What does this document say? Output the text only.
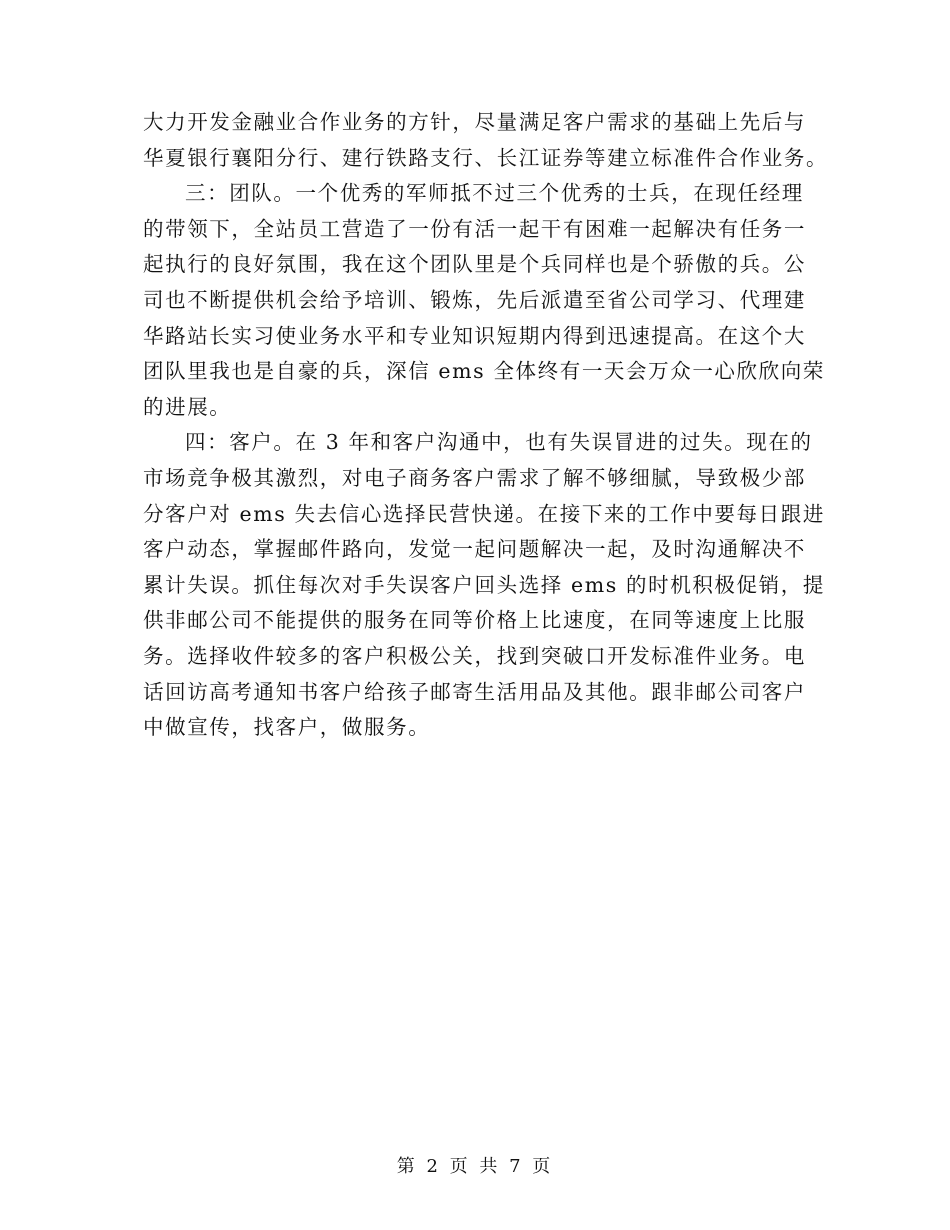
大力开发金融业合作业务的方针，尽量满足客户需求的基础上先后与
华夏银行襄阳分行、建行铁路支行、长江证券等建立标准件合作业务。

三：团队。一个优秀的军师抵不过三个优秀的士兵，在现任经理
的带领下，全站员工营造了一份有活一起干有困难一起解决有任务一
起执行的良好氛围，我在这个团队里是个兵同样也是个骄傲的兵。公
司也不断提供机会给予培训、锻炼，先后派遣至省公司学习、代理建
华路站长实习使业务水平和专业知识短期内得到迅速提高。在这个大
团队里我也是自豪的兵，深信 ems 全体终有一天会万众一心欣欣向荣
的进展。

四：客户。在 3 年和客户沟通中，也有失误冒进的过失。现在的
市场竞争极其激烈，对电子商务客户需求了解不够细腻，导致极少部
分客户对 ems 失去信心选择民营快递。在接下来的工作中要每日跟进
客户动态，掌握邮件路向，发觉一起问题解决一起，及时沟通解决不
累计失误。抓住每次对手失误客户回头选择 ems 的时机积极促销，提
供非邮公司不能提供的服务在同等价格上比速度，在同等速度上比服
务。选择收件较多的客户积极公关，找到突破口开发标准件业务。电
话回访高考通知书客户给孩子邮寄生活用品及其他。跟非邮公司客户
中做宣传，找客户，做服务。

第 2 页 共 7 页
